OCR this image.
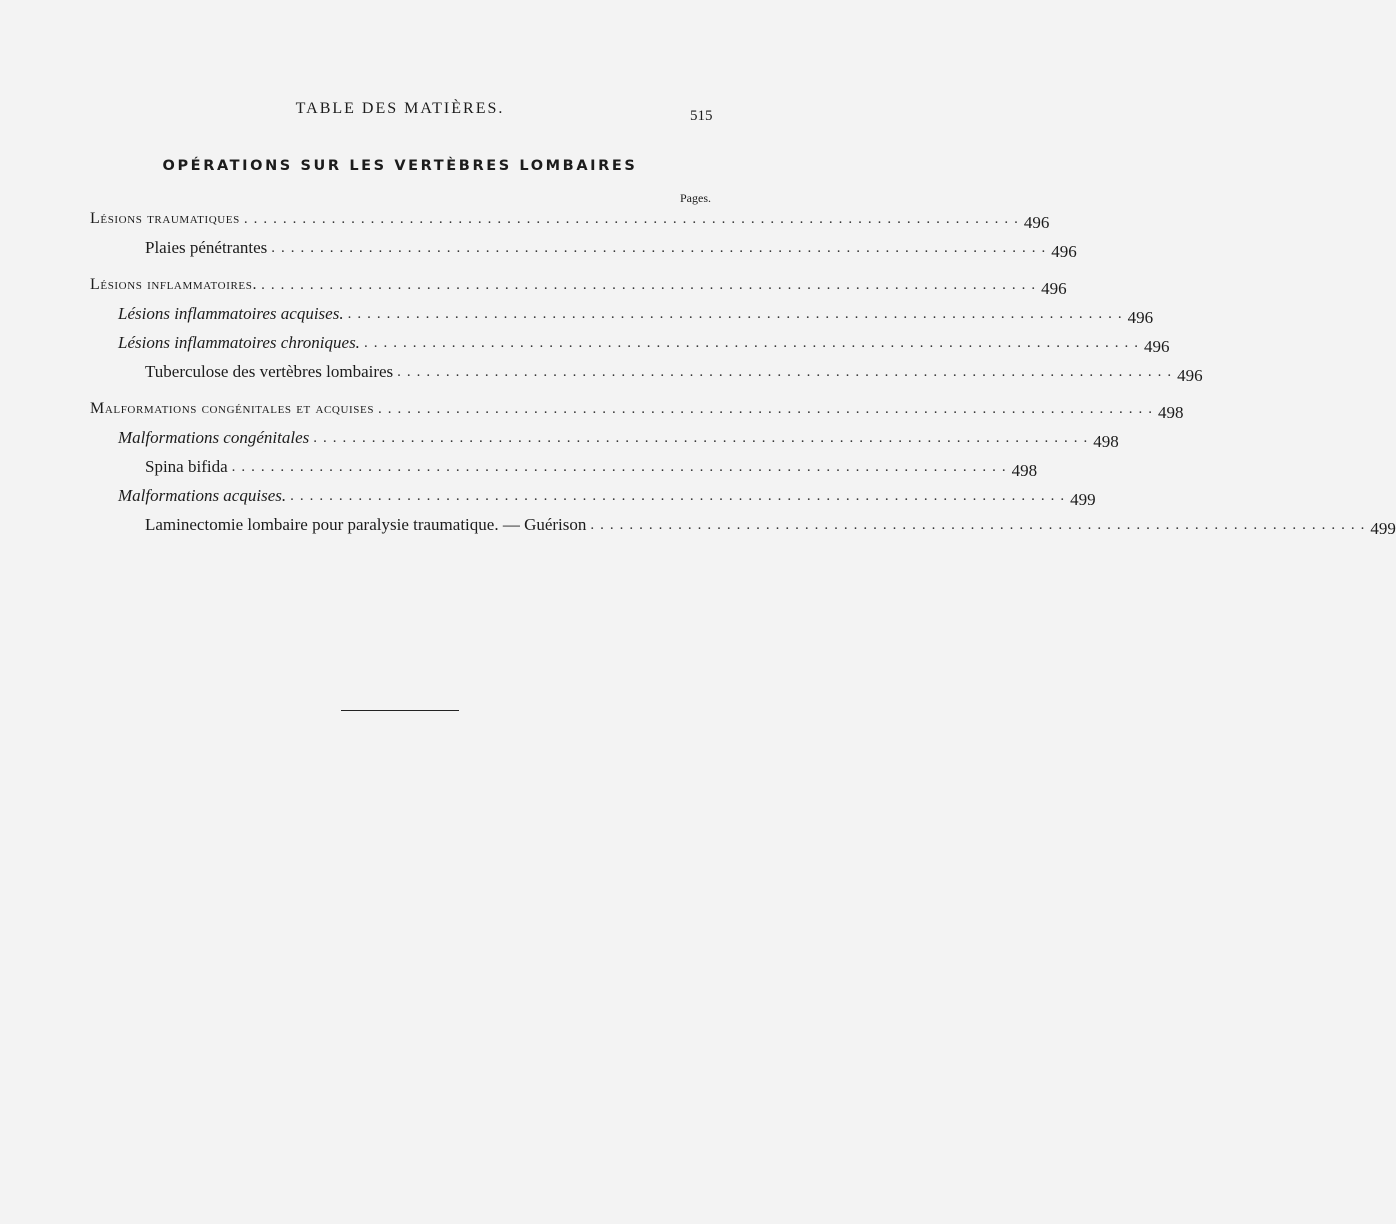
TABLE DES MATIÈRES.	515
OPÉRATIONS SUR LES VERTÈBRES LOMBAIRES
Pages.
Lésions traumatiques ................................................................................ 496
Plaies pénétrantes ................................................................................ 496
Lésions inflammatoires. ................................................................................ 496
Lésions inflammatoires acquises. ................................................................................ 496
Lésions inflammatoires chroniques. ................................................................................ 496
Tuberculose des vertèbres lombaires ................................................................................ 496
Malformations congénitales et acquises ................................................................................ 498
Malformations congénitales ................................................................................ 498
Spina bifida ................................................................................ 498
Malformations acquises. ................................................................................ 499
Laminectomie lombaire pour paralysie traumatique. — Guérison ................................................................................ 499
